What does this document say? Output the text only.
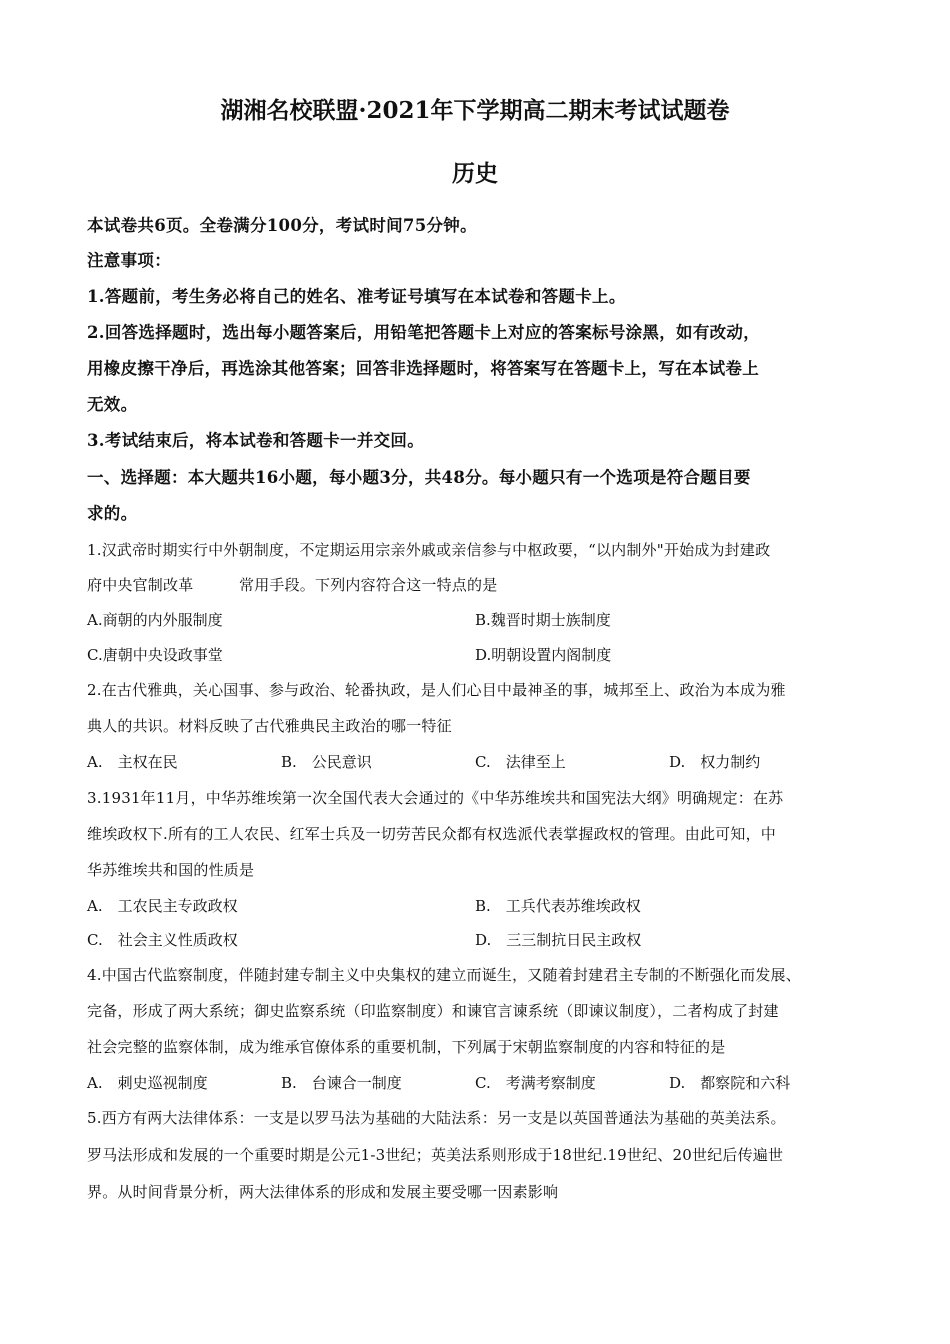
湖湘名校联盟·2021年下学期高二期末考试试题卷
历史
本试卷共6页。全卷满分100分，考试时间75分钟。
注意事项：
1.答题前，考生务必将自己的姓名、准考证号填写在本试卷和答题卡上。
2.回答选择题时，选出每小题答案后，用铅笔把答题卡上对应的答案标号涂黑，如有改动，
用橡皮擦干净后，再选涂其他答案；回答非选择题时，将答案写在答题卡上，写在本试卷上
无效。
3.考试结束后，将本试卷和答题卡一并交回。
一、选择题：本大题共16小题，每小题3分，共48分。每小题只有一个选项是符合题目要
求的。
1.汉武帝时期实行中外朝制度，不定期运用宗亲外戚或亲信参与中枢政要，“以内制外"开始成为封建政
府中央官制改革　　　常用手段。下列内容符合这一特点的是
A.商朝的内外服制度	B.魏晋时期士族制度
C.唐朝中央设政事堂	D.明朝设置内阁制度
2.在古代雅典，关心国事、参与政治、轮番执政，是人们心目中最神圣的事，城邦至上、政治为本成为雅
典人的共识。材料反映了古代雅典民主政治的哪一特征
A.　主权在民	B.　公民意识	C.　法律至上	D.　权力制约
3.1931年11月，中华苏维埃第一次全国代表大会通过的《中华苏维埃共和国宪法大纲》明确规定：在苏
维埃政权下.所有的工人农民、红军士兵及一切劳苦民众都有权选派代表掌握政权的管理。由此可知，中
华苏维埃共和国的性质是
A.　工农民主专政政权	B.　工兵代表苏维埃政权
C.　社会主义性质政权	D.　三三制抗日民主政权
4.中国古代监察制度，伴随封建专制主义中央集权的建立而诞生，又随着封建君主专制的不断强化而发展、
完备，形成了两大系统；御史监察系统（印监察制度）和谏官言谏系统（即谏议制度），二者构成了封建
社会完整的监察体制，成为维承官僚体系的重要机制，下列属于宋朝监察制度的内容和特征的是
A.　刺史巡视制度	B.　台谏合一制度	C.　考满考察制度	D.　都察院和六科
5.西方有两大法律体系：一支是以罗马法为基础的大陆法系：另一支是以英国普通法为基础的英美法系。
罗马法形成和发展的一个重要时期是公元1-3世纪；英美法系则形成于18世纪.19世纪、20世纪后传遍世
界。从时间背景分析，两大法律体系的形成和发展主要受哪一因素影响
